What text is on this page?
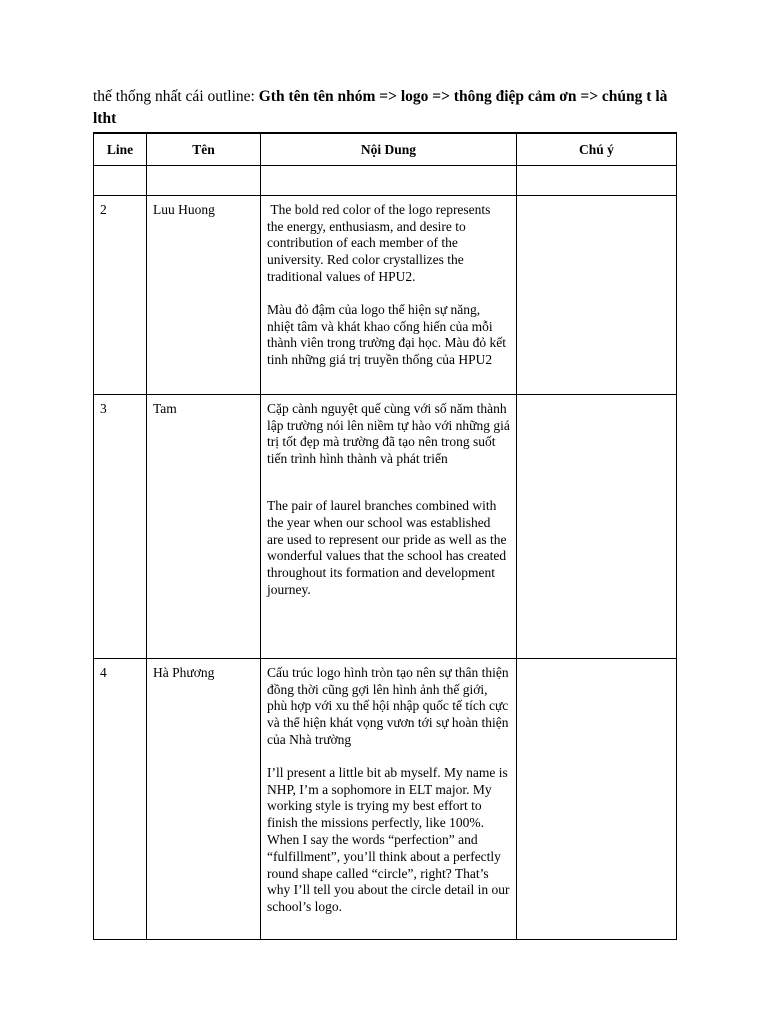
thế thống nhất cái outline: Gth tên tên nhóm => logo => thông điệp cảm ơn => chúng t là ltht
Line	Tên	Nội Dung	Chú ý

2	Luu Huong	The bold red color of the logo represents the energy, enthusiasm, and desire to contribution of each member of the university. Red color crystallizes the traditional values of HPU2.

Màu đỏ đậm của logo thể hiện sự năng, nhiệt tâm và khát khao cống hiến của mỗi thành viên trong trường đại học. Màu đỏ kết tinh những giá trị truyền thống của HPU2	

3	Tam	Cặp cành nguyệt quế cùng với số năm thành lập trường nói lên niềm tự hào với những giá trị tốt đẹp mà trường đã tạo nên trong suốt tiến trình hình thành và phát triển

The pair of laurel branches combined with the year when our school was established are used to represent our pride as well as the wonderful values that the school has created throughout its formation and development journey.	

4	Hà Phương	Cấu trúc logo hình tròn tạo nên sự thân thiện đồng thời cũng gợi lên hình ảnh thế giới, phù hợp với xu thế hội nhập quốc tế tích cực và thể hiện khát vọng vươn tới sự hoàn thiện của Nhà trường

I’ll present a little bit ab myself. My name is NHP, I’m a sophomore in ELT major. My working style is trying my best effort to finish the missions perfectly, like 100%. When I say the words “perfection” and “fulfillment”, you’ll think about a perfectly round shape called “circle”, right? That’s why I’ll tell you about the circle detail in our school’s logo.	
